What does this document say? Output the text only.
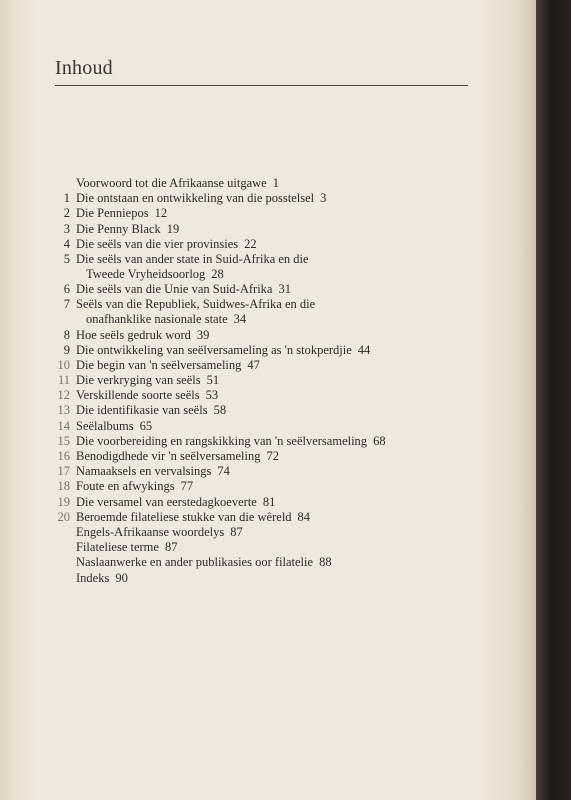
Inhoud
Voorwoord tot die Afrikaanse uitgawe 1
1 Die ontstaan en ontwikkeling van die posstelsel 3
2 Die Penniepos 12
3 Die Penny Black 19
4 Die seëls van die vier provinsies 22
5 Die seëls van ander state in Suid-Afrika en die
Tweede Vryheidsoorlog 28
6 Die seëls van die Unie van Suid-Afrika 31
7 Seëls van die Republiek, Suidwes-Afrika en die
onafhanklike nasionale state 34
8 Hoe seëls gedruk word 39
9 Die ontwikkeling van seëlversameling as 'n stokperdjie 44
10 Die begin van 'n seëlversameling 47
11 Die verkryging van seëls 51
12 Verskillende soorte seëls 53
13 Die identifikasie van seëls 58
14 Seëlalbums 65
15 Die voorbereiding en rangskikking van 'n seëlversameling 68
16 Benodigdhede vir 'n seëlversameling 72
17 Namaaksels en vervalsings 74
18 Foute en afwykings 77
19 Die versamel van eerstedagkoeverte 81
20 Beroemde filateliese stukke van die wêreld 84
Engels-Afrikaanse woordelys 87
Filateliese terme 87
Naslaanwerke en ander publikasies oor filatelie 88
Indeks 90
